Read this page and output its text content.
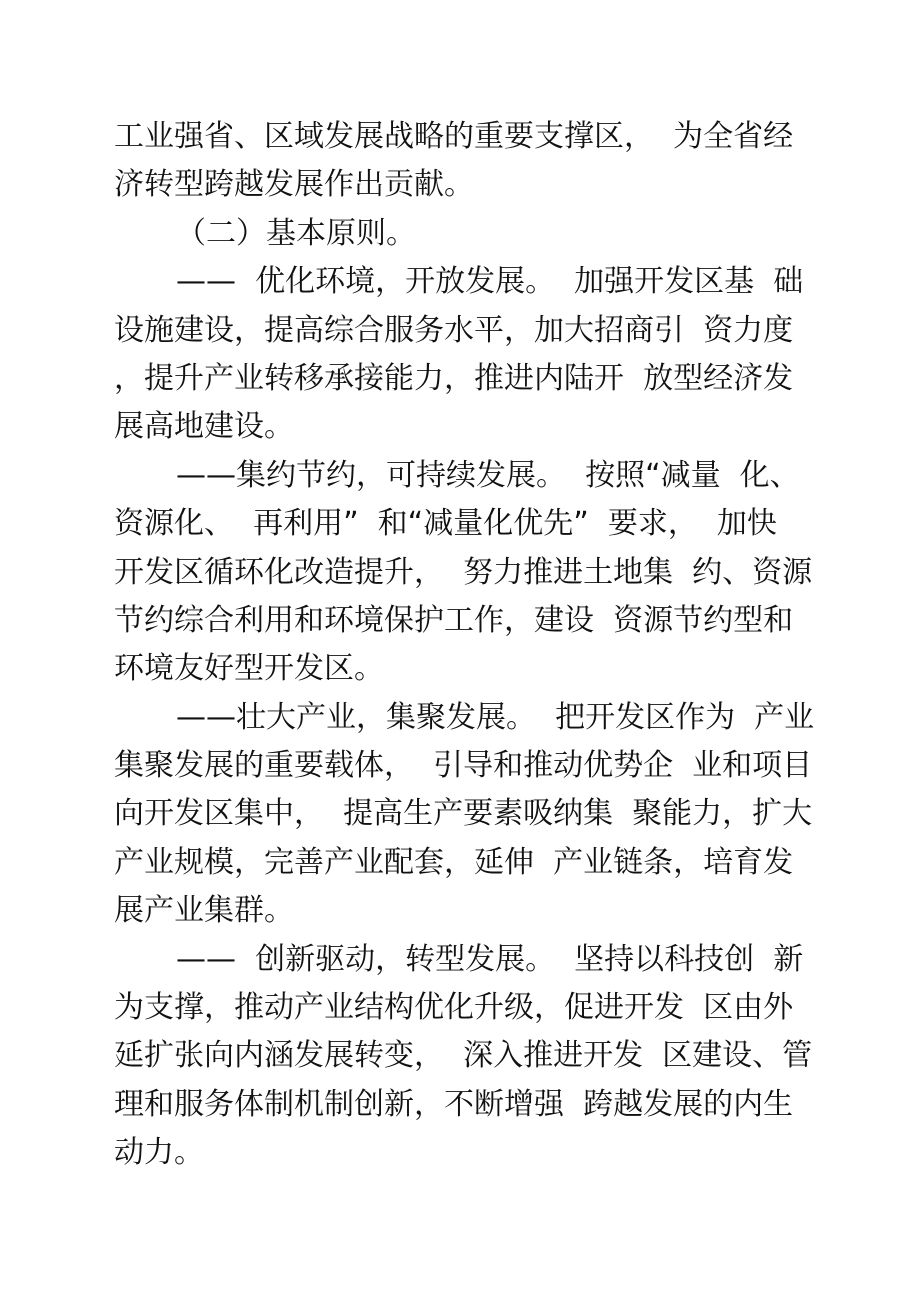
工业强省、区域发展战略的重要支撑区，  为全省经
济转型跨越发展作出贡献。
（二）基本原则。
——  优化环境，开放发展。  加强开发区基  础
设施建设，提高综合服务水平，加大招商引  资力度
，提升产业转移承接能力，推进内陆开  放型经济发
展高地建设。
——集约节约，可持续发展。  按照“减量  化、
资源化、  再利用”  和“减量化优先”  要求，  加快
开发区循环化改造提升，  努力推进土地集  约、资源
节约综合利用和环境保护工作，建设  资源节约型和
环境友好型开发区。
——壮大产业，集聚发展。  把开发区作为  产业
集聚发展的重要载体，  引导和推动优势企  业和项目
向开发区集中，  提高生产要素吸纳集  聚能力，扩大
产业规模，完善产业配套，延伸  产业链条，培育发
展产业集群。
——  创新驱动，转型发展。  坚持以科技创  新
为支撑，推动产业结构优化升级，促进开发  区由外
延扩张向内涵发展转变，  深入推进开发  区建设、管
理和服务体制机制创新，不断增强  跨越发展的内生
动力。
